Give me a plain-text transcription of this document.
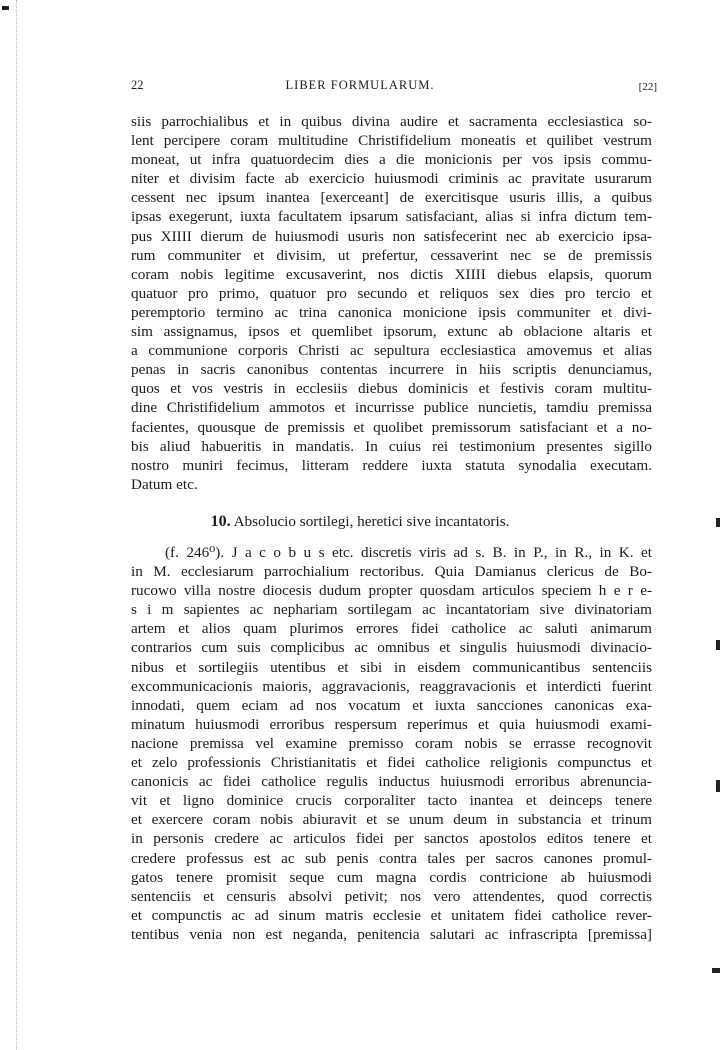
22	LIBER FORMULARUM.	[22]
siis parrochialibus et in quibus divina audire et sacramenta ecclesiastica so-
lent percipere coram multitudine Christifidelium moneatis et quilibet vestrum
moneat, ut infra quatuordecim dies a die monicionis per vos ipsis commu-
niter et divisim facte ab exercicio huiusmodi criminis ac pravitate usurarum
cessent nec ipsum inantea [exerceant] de exercitisque usuris illis, a quibus
ipsas exegerunt, iuxta facultatem ipsarum satisfaciant, alias si infra dictum tem-
pus XIIII dierum de huiusmodi usuris non satisfecerint nec ab exercicio ipsa-
rum communiter et divisim, ut prefertur, cessaverint nec se de premissis
coram nobis legitime excusaverint, nos dictis XIIII diebus elapsis, quorum
quatuor pro primo, quatuor pro secundo et reliquos sex dies pro tercio et
peremptorio termino ac trina canonica monicione ipsis communiter et divi-
sim assignamus, ipsos et quemlibet ipsorum, extunc ab oblacione altaris et
a communione corporis Christi ac sepultura ecclesiastica amovemus et alias
penas in sacris canonibus contentas incurrere in hiis scriptis denunciamus,
quos et vos vestris in ecclesiis diebus dominicis et festivis coram multitu-
dine Christifidelium ammotos et incurrisse publice nuncietis, tamdiu premissa
facientes, quousque de premissis et quolibet premissorum satisfaciant et a no-
bis aliud habueritis in mandatis. In cuius rei testimonium presentes sigillo
nostro muniri fecimus, litteram reddere iuxta statuta synodalia executam.
Datum etc.
10. Absolucio sortilegi, heretici sive incantatoris.
(f. 246⁰). J a c o b u s etc. discretis viris ad s. B. in P., in R., in K. et
in M. ecclesiarum parrochialium rectoribus. Quia Damianus clericus de Bo-
rucowo villa nostre diocesis dudum propter quosdam articulos speciem h e r e-
s i m sapientes ac nephariam sortilegam ac incantatoriam sive divinatoriam
artem et alios quam plurimos errores fidei catholice ac saluti animarum
contrarios cum suis complicibus ac omnibus et singulis huiusmodi divinacio-
nibus et sortilegiis utentibus et sibi in eisdem communicantibus sentenciis
excommunicacionis maioris, aggravacionis, reaggravacionis et interdicti fuerint
innodati, quem eciam ad nos vocatum et iuxta sancciones canonicas exa-
minatum huiusmodi erroribus respersum reperimus et quia huiusmodi exami-
nacione premissa vel examine premisso coram nobis se errasse recognovit
et zelo professionis Christianitatis et fidei catholice religionis compunctus et
canonicis ac fidei catholice regulis inductus huiusmodi erroribus abrenuncia-
vit et ligno dominice crucis corporaliter tacto inantea et deinceps tenere
et exercere coram nobis abiuravit et se unum deum in substancia et trinum
in personis credere ac articulos fidei per sanctos apostolos editos tenere et
credere professus est ac sub penis contra tales per sacros canones promul-
gatos tenere promisit seque cum magna cordis contricione ab huiusmodi
sentenciis et censuris absolvi petivit; nos vero attendentes, quod correctis
et compunctis ac ad sinum matris ecclesie et unitatem fidei catholice rever-
tentibus venia non est neganda, penitencia salutari ac infrascripta [premissa]
